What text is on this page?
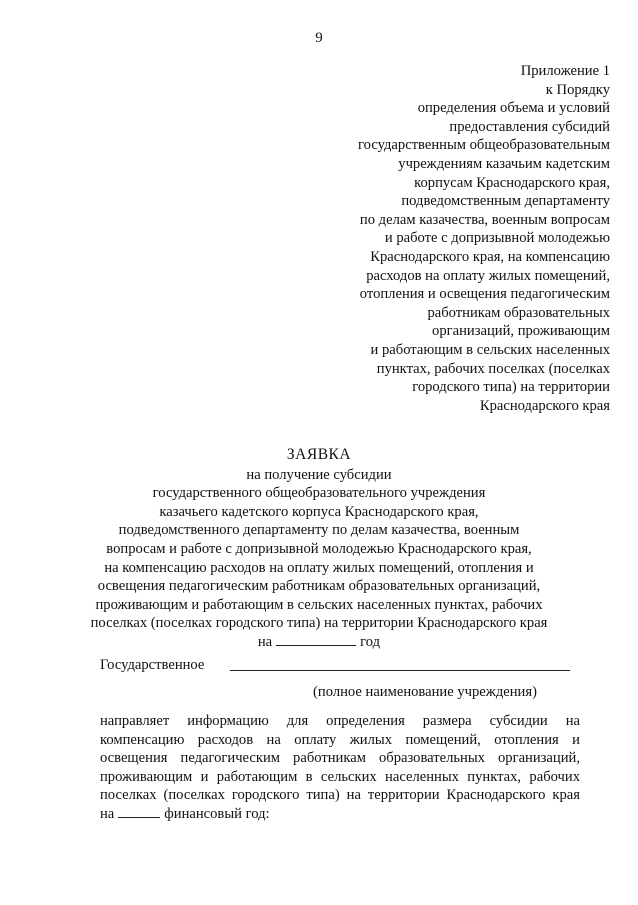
9
Приложение 1
к Порядку
определения объема и условий
предоставления субсидий
государственным общеобразовательным
учреждениям казачьим кадетским
корпусам Краснодарского края,
подведомственным департаменту
по делам казачества, военным вопросам
и работе с допризывной молодежью
Краснодарского края, на компенсацию
расходов на оплату жилых помещений,
отопления и освещения педагогическим
работникам образовательных
организаций, проживающим
и работающим в сельских населенных
пунктах, рабочих поселках (поселках
городского типа) на территории
Краснодарского края
ЗАЯВКА
на получение субсидии
государственного общеобразовательного учреждения
казачьего кадетского корпуса Краснодарского края,
подведомственного департаменту по делам казачества, военным
вопросам и работе с допризывной молодежью Краснодарского края,
на компенсацию расходов на оплату жилых помещений, отопления и
освещения педагогическим работникам образовательных организаций,
проживающим и работающим в сельских населенных пунктах, рабочих
поселках (поселках городского типа) на территории Краснодарского края
на	год
Государственное
(полное наименование учреждения)
направляет информацию для определения размера субсидии на
компенсацию расходов на оплату жилых помещений, отопления и
освещения педагогическим работникам образовательных организаций,
проживающим и работающим в сельских населенных пунктах, рабочих
поселках (поселках городского типа) на территории Краснодарского края
на	финансовый год:
